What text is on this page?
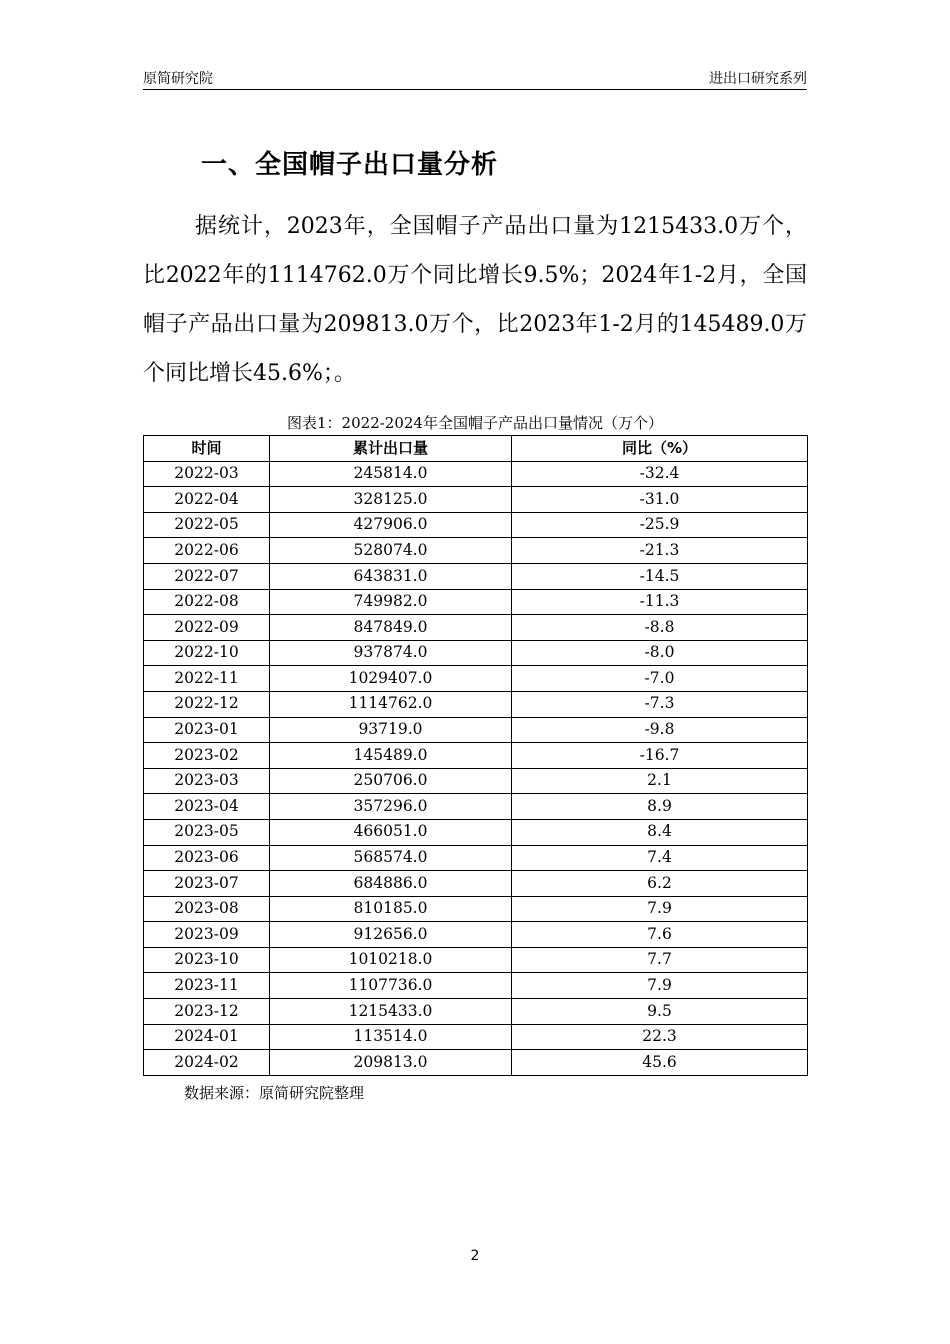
原简研究院	进出口研究系列
一、全国帽子出口量分析

据统计，2023年，全国帽子产品出口量为1215433.0万个，比2022年的1114762.0万个同比增长9.5%；2024年1-2月，全国帽子产品出口量为209813.0万个，比2023年1-2月的145489.0万个同比增长45.6%；。

图表1：2022-2024年全国帽子产品出口量情况（万个）
时间	累计出口量	同比（%）
2022-03	245814.0	-32.4
2022-04	328125.0	-31.0
2022-05	427906.0	-25.9
2022-06	528074.0	-21.3
2022-07	643831.0	-14.5
2022-08	749982.0	-11.3
2022-09	847849.0	-8.8
2022-10	937874.0	-8.0
2022-11	1029407.0	-7.0
2022-12	1114762.0	-7.3
2023-01	93719.0	-9.8
2023-02	145489.0	-16.7
2023-03	250706.0	2.1
2023-04	357296.0	8.9
2023-05	466051.0	8.4
2023-06	568574.0	7.4
2023-07	684886.0	6.2
2023-08	810185.0	7.9
2023-09	912656.0	7.6
2023-10	1010218.0	7.7
2023-11	1107736.0	7.9
2023-12	1215433.0	9.5
2024-01	113514.0	22.3
2024-02	209813.0	45.6
数据来源：原简研究院整理
2
